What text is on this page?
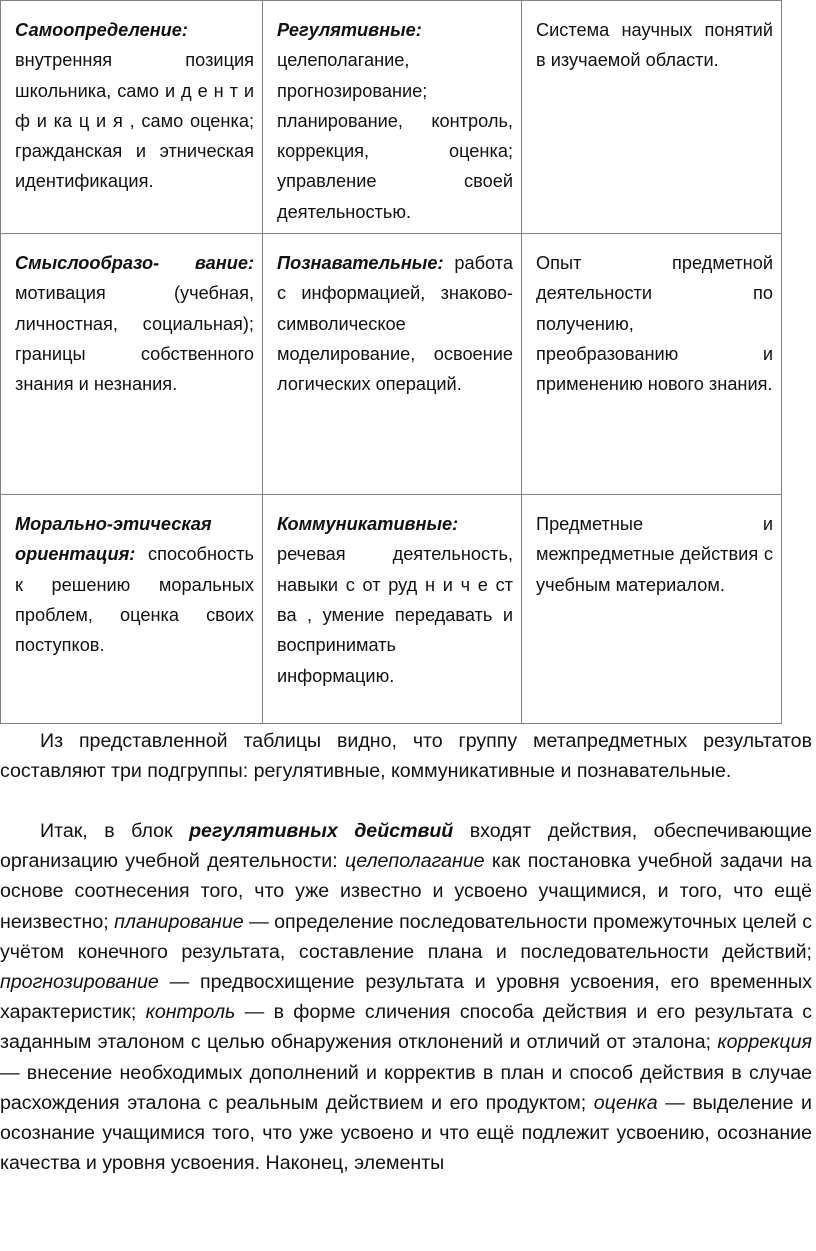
Самоопределение: внутренняя позиция школьника, само и д е н т и ф и ка ц и я , само оценка; гражданская и этническая идентификация.	Регулятивные: целеполагание, прогнозирование; планирование, контроль, коррекция, оценка; управление своей деятельностью.	Система научных понятий в изучаемой области.
Смыслообразо- вание: мотивация (учебная, личностная, социальная); границы собственного знания и незнания.	Познавательные: работа с информацией, знаково- символическое моделирование, освоение логических операций.	Опыт предметной деятельности по получению, преобразованию и применению нового знания.
Морально-этическая ориентация: способность к решению моральных проблем, оценка своих поступков.	Коммуникативные: речевая деятельность, навыки с от руд н и ч е ст ва , умение передавать и воспринимать информацию.	Предметные и межпредметные действия с учебным материалом.

Из представленной таблицы видно, что группу метапредметных результатов составляют три подгруппы: регулятивные, коммуникативные и познавательные.

Итак, в блок регулятивных действий входят действия, обеспечивающие организацию учебной деятельности: целеполагание как постановка учебной задачи на основе соотнесения того, что уже известно и усвоено учащимися, и того, что ещё неизвестно; планирование — определение последовательности промежуточных целей с учётом конечного результата, составление плана и последовательности действий; прогнозирование — предвосхищение результата и уровня усвоения, его временных характеристик; контроль — в форме сличения способа действия и его результата с заданным эталоном с целью обнаружения отклонений и отличий от эталона; коррекция — внесение необходимых дополнений и корректив в план и способ действия в случае расхождения эталона с реальным действием и его продуктом; оценка — выделение и осознание учащимися того, что уже усвоено и что ещё подлежит усвоению, осознание качества и уровня усвоения. Наконец, элементы
